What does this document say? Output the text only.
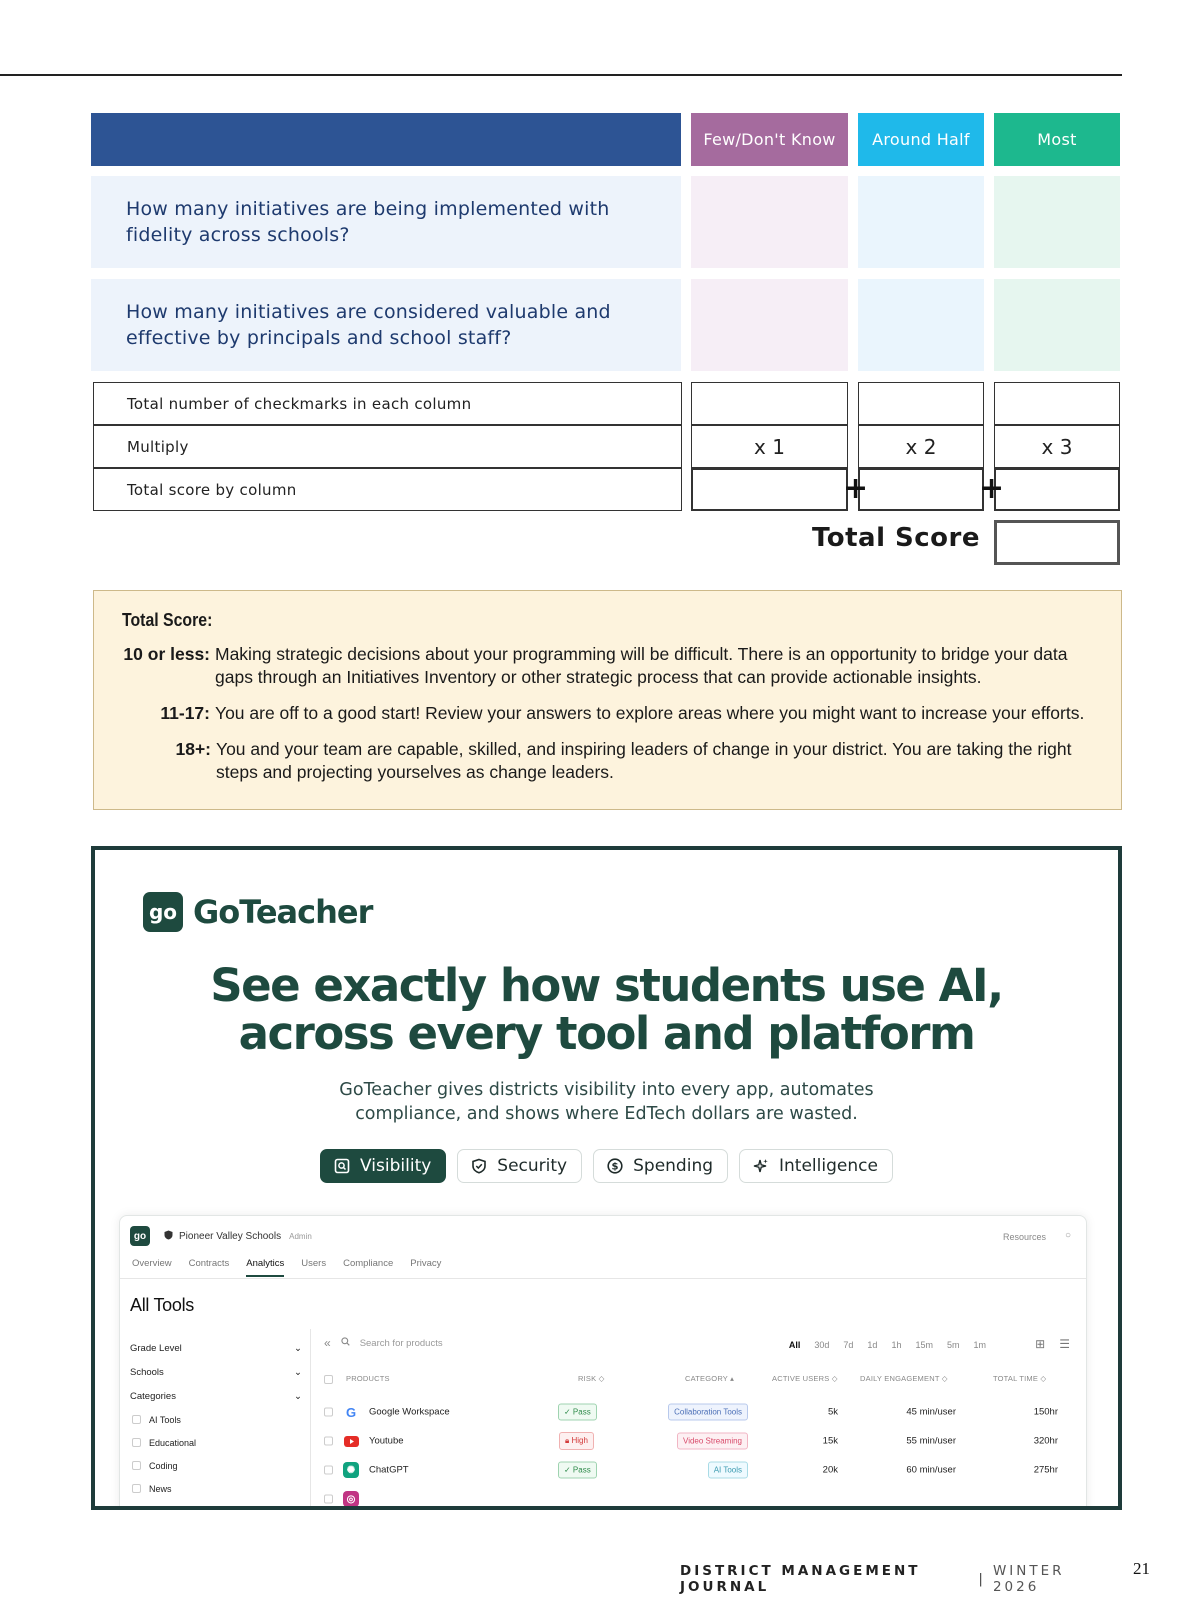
Few/Don't Know	Around Half	Most
How many initiatives are being implemented with fidelity across schools?
How many initiatives are considered valuable and effective by principals and school staff?
Total number of checkmarks in each column
Multiply	x 1	x 2	x 3
Total score by column	+	+
Total Score
Total Score:
10 or less: Making strategic decisions about your programming will be difficult. There is an opportunity to bridge your data gaps through an Initiatives Inventory or other strategic process that can provide actionable insights.
11-17: You are off to a good start! Review your answers to explore areas where you might want to increase your efforts.
18+: You and your team are capable, skilled, and inspiring leaders of change in your district. You are taking the right steps and projecting yourselves as change leaders.
go GoTeacher
See exactly how students use AI,
across every tool and platform
GoTeacher gives districts visibility into every app, automates
compliance, and shows where EdTech dollars are wasted.
Visibility	Security	$ Spending	Intelligence
go	Pioneer Valley Schools Admin	Resources ○
Overview Contracts Analytics Users Compliance Privacy
All Tools
Grade Level	⌄
Schools	⌄
Categories	⌄
AI Tools
Educational
Coding
News
«	Search for products	All 30d 7d 1d 1h 15m 5m 1m	⊞ ☰
PRODUCTS	RISK ◇	CATEGORY ▴	ACTIVE USERS ◇	DAILY ENGAGEMENT ◇	TOTAL TIME ◇
G	Google Workspace	✓ Pass	Collaboration Tools	5k	45 min/user	150hr
Youtube	🔒︎ High	Video Streaming	15k	55 min/user	320hr
✺	ChatGPT	✓ Pass	AI Tools	20k	60 min/user	275hr
◎
DISTRICT MANAGEMENT JOURNAL	| WINTER 2026
21
